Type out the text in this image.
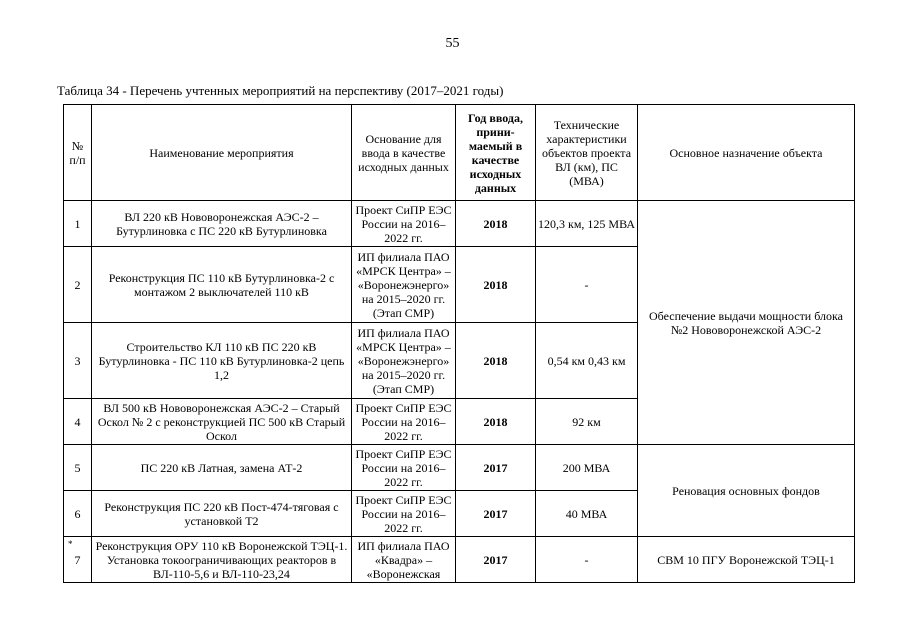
55
Таблица 34 - Перечень учтенных мероприятий на перспективу (2017–2021 годы)
№ п/п	Наименование мероприятия	Основание для ввода в качестве исходных данных	Год ввода, прини-маемый в качестве исходных данных	Технические характеристики объектов проекта ВЛ (км), ПС (МВА)	Основное назначение объекта
1	ВЛ 220 кВ Нововоронежская АЭС-2 – Бутурлиновка с ПС 220 кВ Бутурлиновка	Проект СиПР ЕЭС России на 2016–2022 гг.	2018	120,3 км, 125 МВА	Обеспечение выдачи мощности блока №2 Нововоронежской АЭС-2
2	Реконструкция ПС 110 кВ Бутурлиновка-2 с монтажом 2 выключателей 110 кВ	ИП филиала ПАО «МРСК Центра» – «Воронежэнерго» на 2015–2020 гг. (Этап СМР)	2018	-	
3	Строительство КЛ 110 кВ ПС 220 кВ Бутурлиновка - ПС 110 кВ Бутурлиновка-2 цепь 1,2	ИП филиала ПАО «МРСК Центра» – «Воронежэнерго» на 2015–2020 гг. (Этап СМР)	2018	0,54 км 0,43 км	
4	ВЛ 500 кВ Нововоронежская АЭС-2 – Старый Оскол № 2 с реконструкцией ПС 500 кВ Старый Оскол	Проект СиПР ЕЭС России на 2016–2022 гг.	2018	92 км	
5	ПС 220 кВ Латная, замена АТ-2	Проект СиПР ЕЭС России на 2016–2022 гг.	2017	200 МВА	Реновация основных фондов
6	Реконструкция ПС 220 кВ Пост-474-тяговая с установкой Т2	Проект СиПР ЕЭС России на 2016–2022 гг.	2017	40 МВА	
7	Реконструкция ОРУ 110 кВ Воронежской ТЭЦ-1. Установка токоограничивающих реакторов в ВЛ-110-5,6 и ВЛ-110-23,24	ИП филиала ПАО «Квадра» – «Воронежская	2017	-	СВМ 10 ПГУ Воронежской ТЭЦ-1
*
